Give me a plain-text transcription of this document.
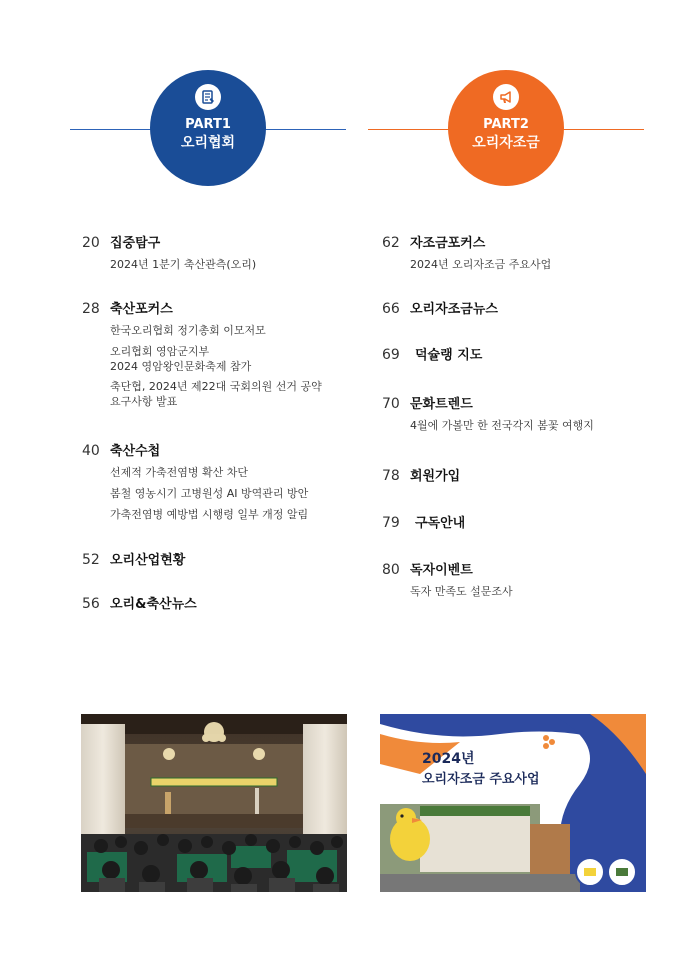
PART1
오리협회
PART2
오리자조금
20 집중탐구
2024년 1분기 축산관측(오리)
28 축산포커스
한국오리협회 정기총회 이모저모
오리협회 영암군지부
2024 영암왕인문화축제 참가
축단협, 2024년 제22대 국회의원 선거 공약
요구사항 발표
40 축산수첩
선제적 가축전염병 확산 차단
봄철 영농시기 고병원성 AI 방역관리 방안
가축전염병 예방법 시행령 일부 개정 알림
52 오리산업현황
56 오리&축산뉴스
62 자조금포커스
2024년 오리자조금 주요사업
66 오리자조금뉴스
69	덕슐랭 지도
70 문화트렌드
4월에 가볼만 한 전국각지 봄꽃 여행지
78 회원가입
79	구독안내
80 독자이벤트
독자 만족도 설문조사
2024년
오리자조금 주요사업
